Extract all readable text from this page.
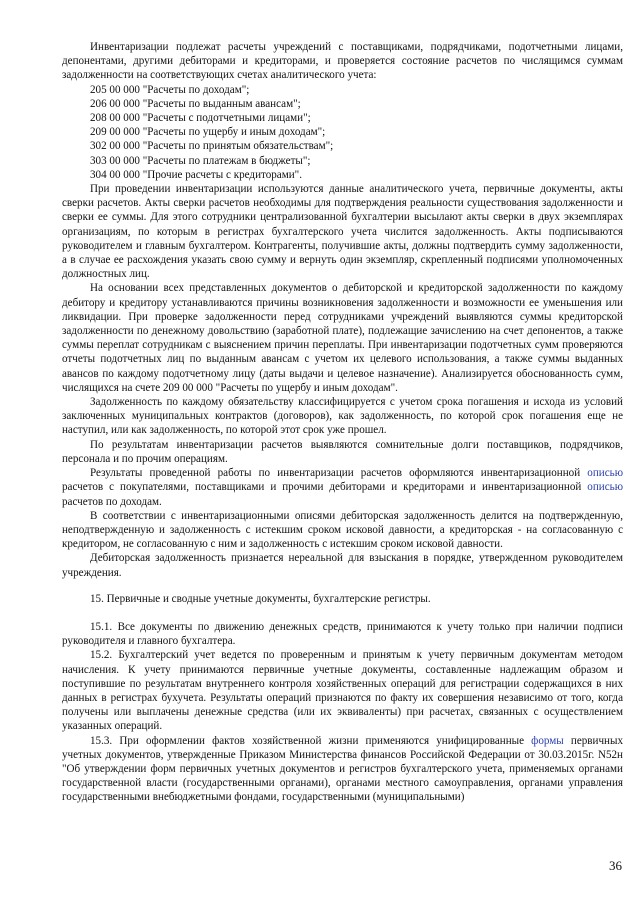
Инвентаризации подлежат расчеты учреждений с поставщиками, подрядчиками, подотчетными лицами, депонентами, другими дебиторами и кредиторами, и проверяется состояние расчетов по числящимся суммам задолженности на соответствующих счетах аналитического учета:

205 00 000 "Расчеты по доходам";
206 00 000 "Расчеты по выданным авансам";
208 00 000 "Расчеты с подотчетными лицами";
209 00 000 "Расчеты по ущербу и иным доходам";
302 00 000 "Расчеты по принятым обязательствам";
303 00 000 "Расчеты по платежам в бюджеты";
304 00 000 "Прочие расчеты с кредиторами".

При проведении инвентаризации используются данные аналитического учета, первичные документы, акты сверки расчетов. Акты сверки расчетов необходимы для подтверждения реальности существования задолженности и сверки ее суммы. Для этого сотрудники централизованной бухгалтерии высылают акты сверки в двух экземплярах организациям, по которым в регистрах бухгалтерского учета числится задолженность. Акты подписываются руководителем и главным бухгалтером. Контрагенты, получившие акты, должны подтвердить сумму задолженности, а в случае ее расхождения указать свою сумму и вернуть один экземпляр, скрепленный подписями уполномоченных должностных лиц.

На основании всех представленных документов о дебиторской и кредиторской задолженности по каждому дебитору и кредитору устанавливаются причины возникновения задолженности и возможности ее уменьшения или ликвидации. При проверке задолженности перед сотрудниками учреждений выявляются суммы кредиторской задолженности по денежному довольствию (заработной плате), подлежащие зачислению на счет депонентов, а также суммы переплат сотрудникам с выяснением причин переплаты. При инвентаризации подотчетных сумм проверяются отчеты подотчетных лиц по выданным авансам с учетом их целевого использования, а также суммы выданных авансов по каждому подотчетному лицу (даты выдачи и целевое назначение). Анализируется обоснованность сумм, числящихся на счете 209 00 000 "Расчеты по ущербу и иным доходам".

Задолженность по каждому обязательству классифицируется с учетом срока погашения и исхода из условий заключенных муниципальных контрактов (договоров), как задолженность, по которой срок погашения еще не наступил, или как задолженность, по которой этот срок уже прошел.

По результатам инвентаризации расчетов выявляются сомнительные долги поставщиков, подрядчиков, персонала и по прочим операциям.

Результаты проведенной работы по инвентаризации расчетов оформляются инвентаризационной описью расчетов с покупателями, поставщиками и прочими дебиторами и кредиторами и инвентаризационной описью расчетов по доходам.

В соответствии с инвентаризационными описями дебиторская задолженность делится на подтвержденную, неподтвержденную и задолженность с истекшим сроком исковой давности, а кредиторская - на согласованную с кредитором, не согласованную с ним и задолженность с истекшим сроком исковой давности.

Дебиторская задолженность признается нереальной для взыскания в порядке, утвержденном руководителем учреждения.

15. Первичные и сводные учетные документы, бухгалтерские регистры.

15.1. Все документы по движению денежных средств, принимаются к учету только при наличии подписи руководителя и главного бухгалтера.

15.2. Бухгалтерский учет ведется по проверенным и принятым к учету первичным документам методом начисления. К учету принимаются первичные учетные документы, составленные надлежащим образом и поступившие по результатам внутреннего контроля хозяйственных операций для регистрации содержащихся в них данных в регистрах бухучета. Результаты операций признаются по факту их совершения независимо от того, когда получены или выплачены денежные средства (или их эквиваленты) при расчетах, связанных с осуществлением указанных операций.

15.3. При оформлении фактов хозяйственной жизни применяются унифицированные формы первичных учетных документов, утвержденные Приказом Министерства финансов Российской Федерации от 30.03.2015г. N52н "Об утверждении форм первичных учетных документов и регистров бухгалтерского учета, применяемых органами государственной власти (государственными органами), органами местного самоуправления, органами управления государственными внебюджетными фондами, государственными (муниципальными)

36
